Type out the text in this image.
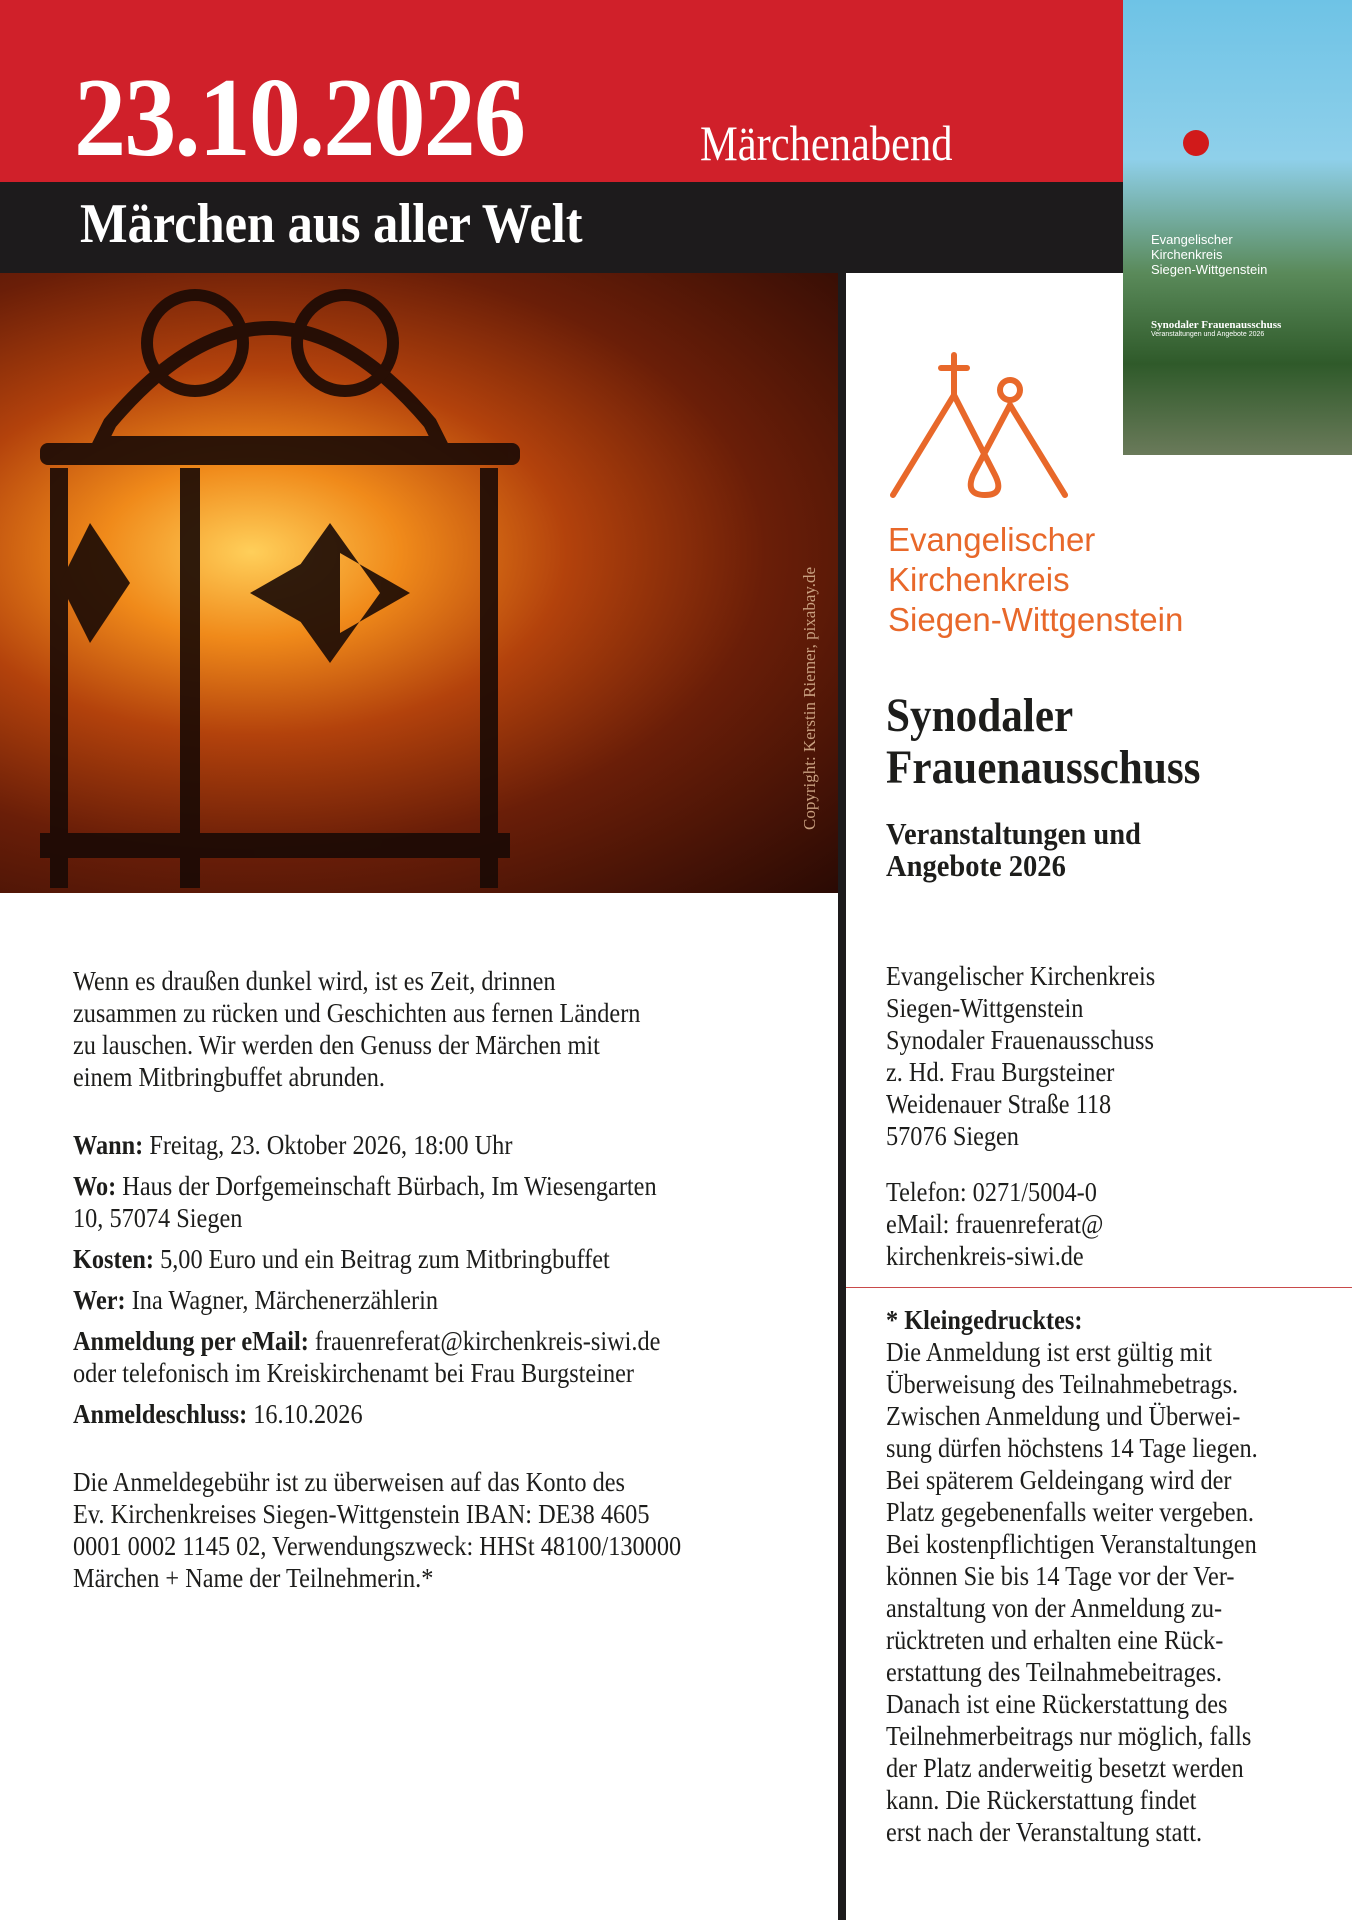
23.10.2026	Märchenabend
Märchen aus aller Welt
Copyright: Kerstin Riemer, pixabay.de
Evangelischer
Kirchenkreis
Siegen-Wittgenstein
Synodaler Frauenausschuss
Veranstaltungen und Angebote 2026
Evangelischer
Kirchenkreis
Siegen-Wittgenstein
Synodaler
Frauenausschuss
Veranstaltungen und
Angebote 2026
Evangelischer Kirchenkreis
Siegen-Wittgenstein
Synodaler Frauenausschuss
z. Hd. Frau Burgsteiner
Weidenauer Straße 118
57076 Siegen
Telefon: 0271/5004-0
eMail: frauenreferat@
kirchenkreis-siwi.de
* Kleingedrucktes:
Die Anmeldung ist erst gültig mit
Überweisung des Teilnahmebetrags.
Zwischen Anmeldung und Überwei-
sung dürfen höchstens 14 Tage liegen.
Bei späterem Geldeingang wird der
Platz gegebenenfalls weiter vergeben.
Bei kostenpflichtigen Veranstaltungen
können Sie bis 14 Tage vor der Ver-
anstaltung von der Anmeldung zu-
rücktreten und erhalten eine Rück-
erstattung des Teilnahmebeitrages.
Danach ist eine Rückerstattung des
Teilnehmerbeitrags nur möglich, falls
der Platz anderweitig besetzt werden
kann. Die Rückerstattung findet
erst nach der Veranstaltung statt.
Wenn es draußen dunkel wird, ist es Zeit, drinnen
zusammen zu rücken und Geschichten aus fernen Ländern
zu lauschen. Wir werden den Genuss der Märchen mit
einem Mitbringbuffet abrunden.

Wann: Freitag, 23. Oktober 2026, 18:00 Uhr

Wo: Haus der Dorfgemeinschaft Bürbach, Im Wiesengarten
10, 57074 Siegen

Kosten: 5,00 Euro und ein Beitrag zum Mitbringbuffet

Wer: Ina Wagner, Märchenerzählerin

Anmeldung per eMail: frauenreferat@kirchenkreis-siwi.de
oder telefonisch im Kreiskirchenamt bei Frau Burgsteiner

Anmeldeschluss: 16.10.2026

Die Anmeldegebühr ist zu überweisen auf das Konto des
Ev. Kirchenkreises Siegen-Wittgenstein IBAN: DE38 4605
0001 0002 1145 02, Verwendungszweck: HHSt 48100/130000
Märchen + Name der Teilnehmerin.*
